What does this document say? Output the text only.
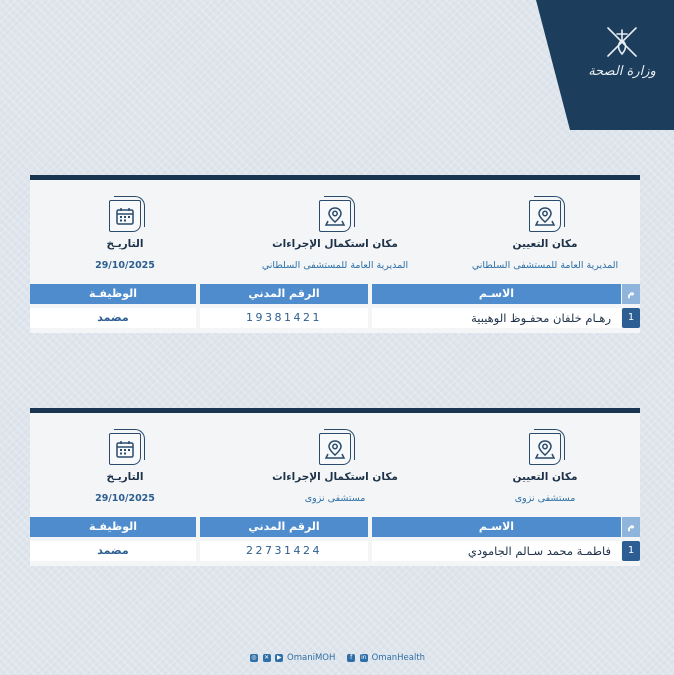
وزارة الصحة
مكان التعيين
المديرية العامة للمستشفى السلطاني
مكان استكمال الإجراءات
المديرية العامة للمستشفى السلطاني
التاريـخ
29/10/2025
م
الاسـم
الرقم المدني
الوظيفـة
1
رهـام خلفان محفـوظ الوهيبية
19381421
مضمد
مكان التعيين
مستشفى نزوى
مكان استكمال الإجراءات
مستشفى نزوى
التاريـخ
29/10/2025
م
الاسـم
الرقم المدني
الوظيفـة
1
فاطمـة محمد سـالم الجامودي
22731424
مضمد
◎ ✕ ▶ OmaniMOH f in OmanHealth
